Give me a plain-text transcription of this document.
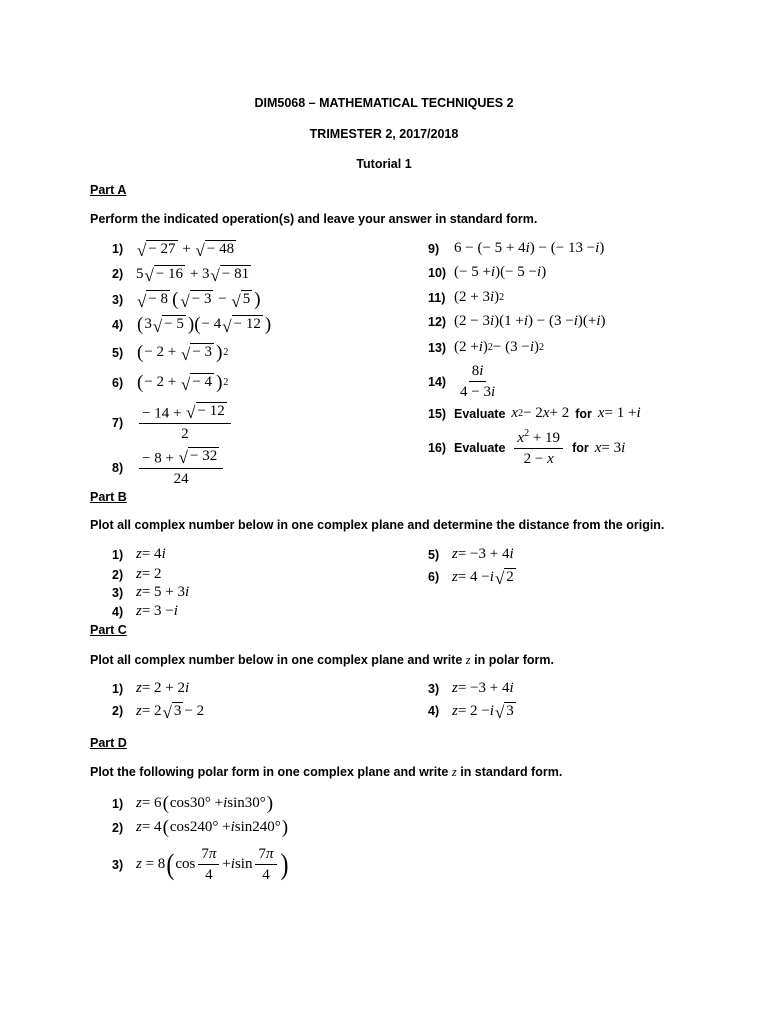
DIM5068 – MATHEMATICAL TECHNIQUES 2
TRIMESTER 2, 2017/2018
Tutorial 1
Part A
Perform the indicated operation(s) and leave your answer in standard form.
1) √ − 27 + √ − 48
2) 5 √ − 16 + 3 √ − 81
3) √ − 8 ( √ − 3 − √ 5 )
4) ( 3 √ − 5 )( − 4 √ − 12 )
5) ( − 2 + √ − 3 ) 2
6) ( − 2 + √ − 4 ) 2
7)	$\frac{- 14 + √ - 12}{2}$
8)	$\frac{- 8 + √ - 32}{24}$
9) 6 − (− 5 + 4 i ) − (− 13 − i )
10) (− 5 + i )(− 5 − i )
11) (2 + 3 i ) 2
12) (2 − 3 i )(1 + i ) − (3 − i )(+ i )
13) (2 + i ) 2 − (3 − i ) 2
$14) \frac{8i}{4 - 3i}$
15) Evaluate x 2 − 2 x + 2 for x = 1 + i
16) Evaluate $\frac{x^2 + 19}{2 - x}$ for x = 3 i
Part B
Plot all complex number below in one complex plane and determine the distance from the origin.
1) z = 4 i
2) z = 2
3) z = 5 + 3 i
4) z = 3 − i
5) z = −3 + 4 i
6) z = 4 − i √ 2
Part C
Plot all complex number below in one complex plane and write z in polar form.
1) z = 2 + 2 i
2) z = 2 √ 3 − 2
3) z = −3 + 4 i
4) z = 2 − i √ 3
Part D
Plot the following polar form in one complex plane and write z in standard form.
1) z = 6 ( cos30° + i sin30° )
2) z = 4 ( cos240° + i sin240° )
3) z = 8 ( $\cos \frac{7\pi}{4} + i$ $\sin \frac{7\pi}{4}$ )
